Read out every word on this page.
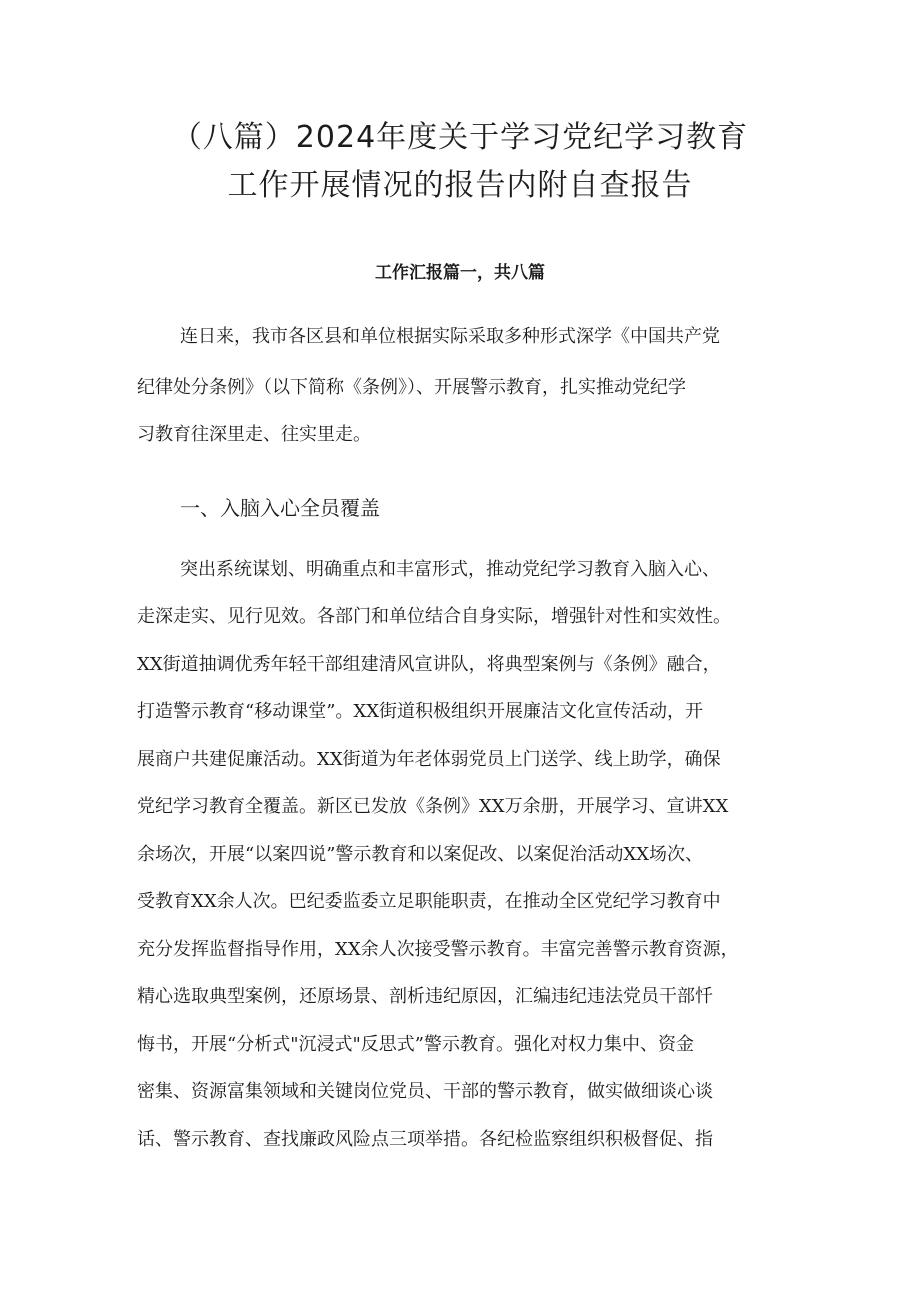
（八篇）2024年度关于学习党纪学习教育
工作开展情况的报告内附自查报告
工作汇报篇一，共八篇
连日来，我市各区县和单位根据实际采取多种形式深学《中国共产党
纪律处分条例》（以下简称《条例》）、开展警示教育，扎实推动党纪学
习教育往深里走、往实里走。
一、入脑入心全员覆盖
突出系统谋划、明确重点和丰富形式，推动党纪学习教育入脑入心、
走深走实、见行见效。各部门和单位结合自身实际，增强针对性和实效性。
XX街道抽调优秀年轻干部组建清风宣讲队，将典型案例与《条例》融合，
打造警示教育“移动课堂”。XX街道积极组织开展廉洁文化宣传活动，开
展商户共建促廉活动。XX街道为年老体弱党员上门送学、线上助学，确保
党纪学习教育全覆盖。新区已发放《条例》XX万余册，开展学习、宣讲XX
余场次，开展“以案四说”警示教育和以案促改、以案促治活动XX场次、
受教育XX余人次。巴纪委监委立足职能职责，在推动全区党纪学习教育中
充分发挥监督指导作用，XX余人次接受警示教育。丰富完善警示教育资源，
精心选取典型案例，还原场景、剖析违纪原因，汇编违纪违法党员干部忏
悔书，开展“分析式"沉浸式"反思式”警示教育。强化对权力集中、资金
密集、资源富集领域和关键岗位党员、干部的警示教育，做实做细谈心谈
话、警示教育、查找廉政风险点三项举措。各纪检监察组织积极督促、指
